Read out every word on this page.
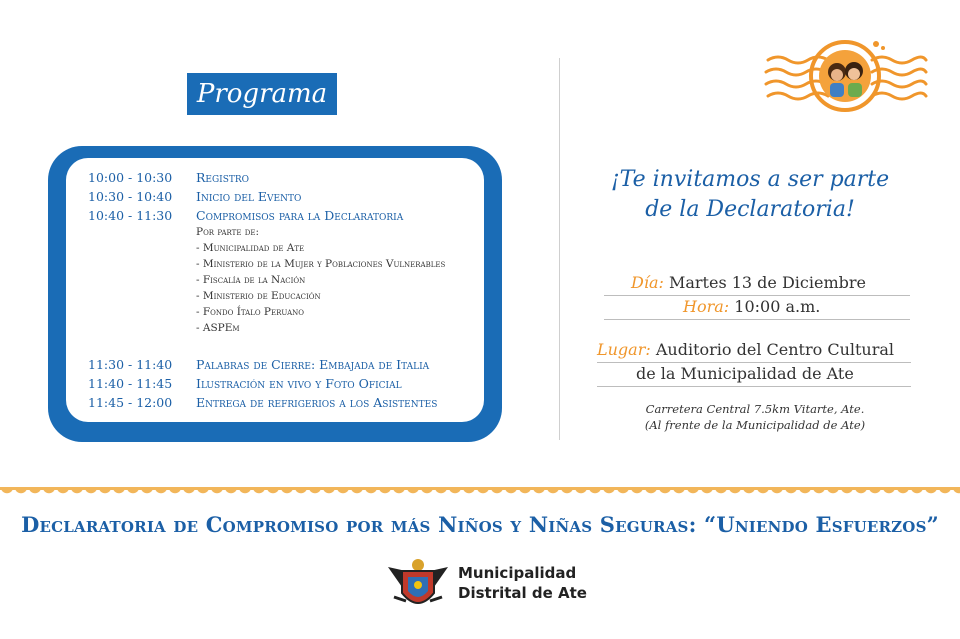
Programa
10:00 - 10:30 Registro
10:30 - 10:40 Inicio del Evento
10:40 - 11:30 Compromisos para la Declaratoria
Por parte de:
- Municipalidad de Ate
- Ministerio de la Mujer y Poblaciones Vulnerables
- Fiscalía de la Nación
- Ministerio de Educación
- Fondo Ítalo Peruano
- ASPEm
11:30 - 11:40 Palabras de Cierre: Embajada de Italia
11:40 - 11:45 Ilustración en vivo y Foto Oficial
11:45 - 12:00 Entrega de refrigerios a los Asistentes
¡Te invitamos a ser parte
de la Declaratoria!
Día: Martes 13 de Diciembre
Hora: 10:00 a.m.
Lugar: Auditorio del Centro Cultural
de la Municipalidad de Ate
Carretera Central 7.5km Vitarte, Ate.
(Al frente de la Municipalidad de Ate)
Declaratoria de Compromiso por más Niños y Niñas Seguras: “Uniendo Esfuerzos”
Municipalidad
Distrital de Ate
